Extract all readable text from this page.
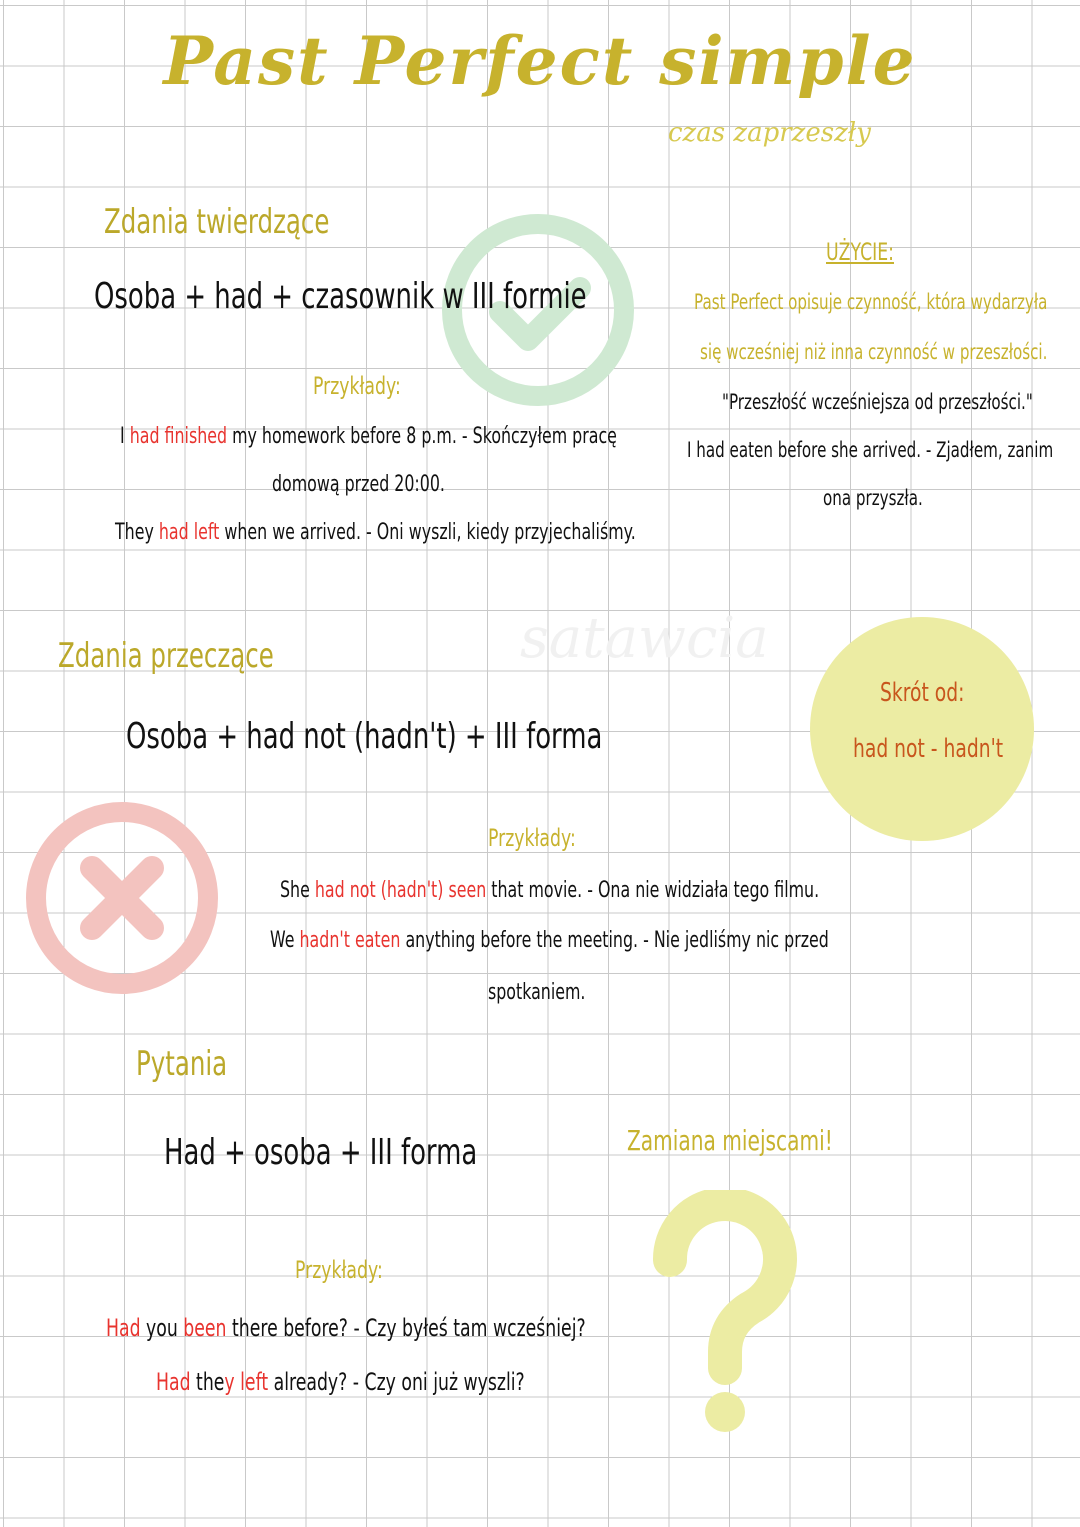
satawcia
Past Perfect simple
czas zaprzeszły
Zdania twierdzące
Osoba + had + czasownik w III formie
Przykłady:
I had finished my homework before 8 p.m. - Skończyłem pracę
domową przed 20:00.
They had left when we arrived. - Oni wyszli, kiedy przyjechaliśmy.
UŻYCIE:
Past Perfect opisuje czynność, która wydarzyła
się wcześniej niż inna czynność w przeszłości.
"Przeszłość wcześniejsza od przeszłości."
I had eaten before she arrived. - Zjadłem, zanim
ona przyszła.
Zdania przeczące
Osoba + had not (hadn't) + III forma
Skrót od:
had not - hadn't
Przykłady:
She had not (hadn't) seen that movie. - Ona nie widziała tego filmu.
We hadn't eaten anything before the meeting. - Nie jedliśmy nic przed
spotkaniem.
Pytania
Had + osoba + III forma	Zamiana miejscami!
Przykłady:
Had you been there before? - Czy byłeś tam wcześniej?
Had they left already? - Czy oni już wyszli?
